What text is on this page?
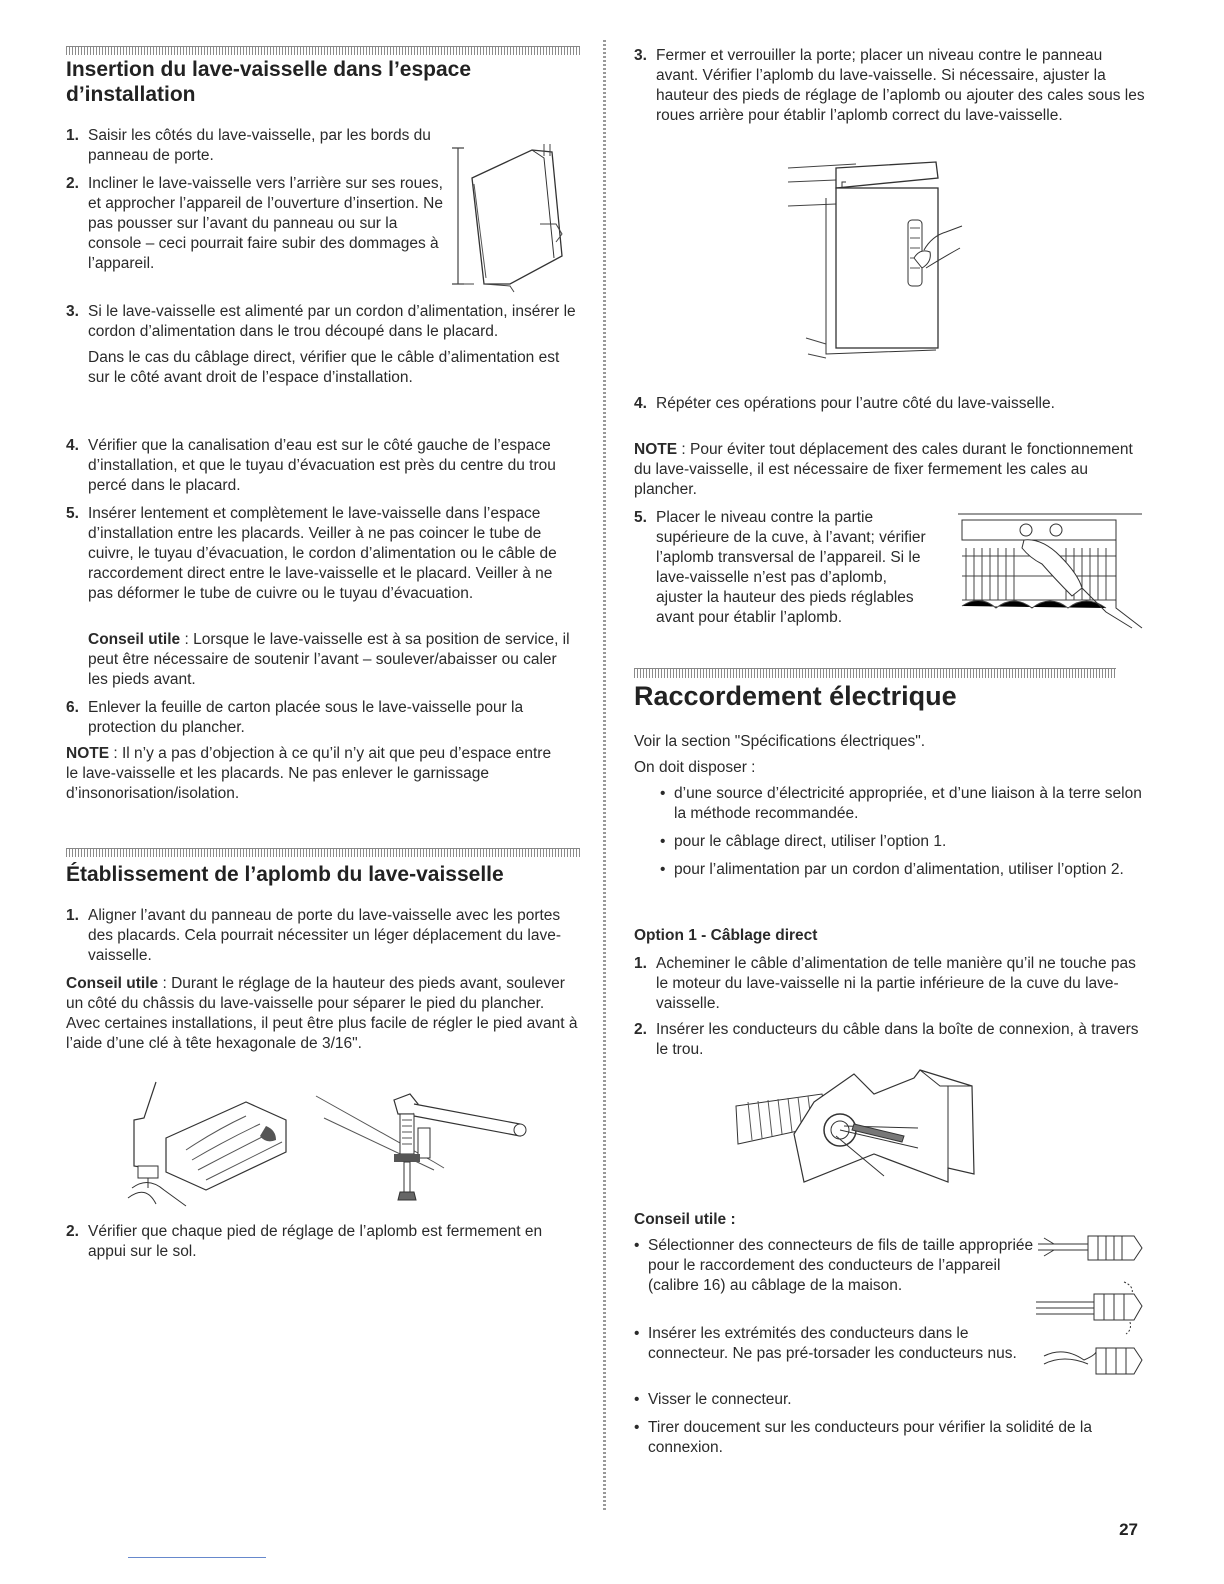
Insertion du lave-vaisselle dans l’espace d’installation

1. Saisir les côtés du lave-vaisselle, par les bords du panneau de porte.

2. Incliner le lave-vaisselle vers l’arrière sur ses roues, et approcher l’appareil de l’ouverture d’insertion. Ne pas pousser sur l’avant du panneau ou sur la console – ceci pourrait faire subir des dommages à l’appareil.

3. Si le lave-vaisselle est alimenté par un cordon d’alimentation, insérer le cordon d’alimentation dans le trou découpé dans le placard.

Dans le cas du câblage direct, vérifier que le câble d’alimentation est sur le côté avant droit de l’espace d’installation.

4. Vérifier que la canalisation d’eau est sur le côté gauche de l’espace d’installation, et que le tuyau d’évacuation est près du centre du trou percé dans le placard.

5. Insérer lentement et complètement le lave-vaisselle dans l’espace d’installation entre les placards. Veiller à ne pas coincer le tube de cuivre, le tuyau d’évacuation, le cordon d’alimentation ou le câble de raccordement direct entre le lave-vaisselle et le placard. Veiller à ne pas déformer le tube de cuivre ou le tuyau d’évacuation.

Conseil utile : Lorsque le lave-vaisselle est à sa position de service, il peut être nécessaire de soutenir l’avant – soulever/abaisser ou caler les pieds avant.

6. Enlever la feuille de carton placée sous le lave-vaisselle pour la protection du plancher.

NOTE : Il n’y a pas d’objection à ce qu’il n’y ait que peu d’espace entre le lave-vaisselle et les placards. Ne pas enlever le garnissage d’insonorisation/isolation.

Établissement de l’aplomb du lave-vaisselle

1. Aligner l’avant du panneau de porte du lave-vaisselle avec les portes des placards. Cela pourrait nécessiter un léger déplacement du lave-vaisselle.

Conseil utile : Durant le réglage de la hauteur des pieds avant, soulever un côté du châssis du lave-vaisselle pour séparer le pied du plancher. Avec certaines installations, il peut être plus facile de régler le pied avant à l’aide d’une clé à tête hexagonale de 3/16".

2. Vérifier que chaque pied de réglage de l’aplomb est fermement en appui sur le sol.

3. Fermer et verrouiller la porte; placer un niveau contre le panneau avant. Vérifier l’aplomb du lave-vaisselle. Si nécessaire, ajuster la hauteur des pieds de réglage de l’aplomb ou ajouter des cales sous les roues arrière pour établir l’aplomb correct du lave-vaisselle.

4. Répéter ces opérations pour l’autre côté du lave-vaisselle.

NOTE : Pour éviter tout déplacement des cales durant le fonctionnement du lave-vaisselle, il est nécessaire de fixer fermement les cales au plancher.

5. Placer le niveau contre la partie supérieure de la cuve, à l’avant; vérifier l’aplomb transversal de l’appareil. Si le lave-vaisselle n’est pas d’aplomb, ajuster la hauteur des pieds réglables avant pour établir l’aplomb.

Raccordement électrique

Voir la section "Spécifications électriques".

On doit disposer :

• d’une source d’électricité appropriée, et d’une liaison à la terre selon la méthode recommandée.
• pour le câblage direct, utiliser l’option 1.
• pour l’alimentation par un cordon d’alimentation, utiliser l’option 2.

Option 1 - Câblage direct

1. Acheminer le câble d’alimentation de telle manière qu’il ne touche pas le moteur du lave-vaisselle ni la partie inférieure de la cuve du lave-vaisselle.

2. Insérer les conducteurs du câble dans la boîte de connexion, à travers le trou.

Conseil utile :

• Sélectionner des connecteurs de fils de taille appropriée pour le raccordement des conducteurs de l’appareil (calibre 16) au câblage de la maison.

• Insérer les extrémités des conducteurs dans le connecteur. Ne pas pré-torsader les conducteurs nus.

• Visser le connecteur.

• Tirer doucement sur les conducteurs pour vérifier la solidité de la connexion.

27
